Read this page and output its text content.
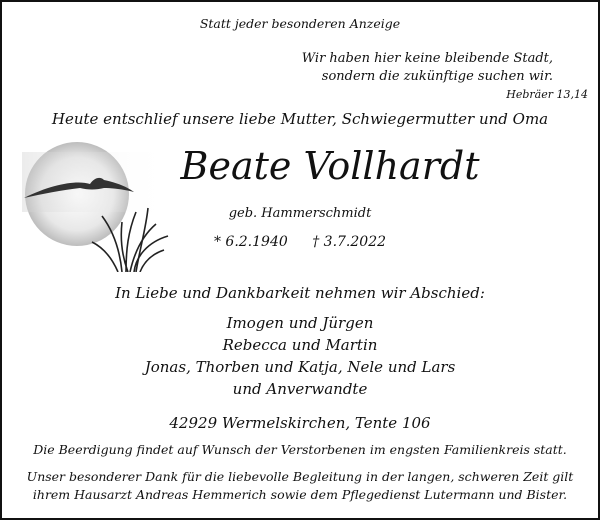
Statt jeder besonderen Anzeige
Wir haben hier keine bleibende Stadt,
sondern die zukünftige suchen wir.
Hebräer 13,14
Heute entschlief unsere liebe Mutter, Schwiegermutter und Oma
Beate Vollhardt
geb. Hammerschmidt
* 6.2.1940 † 3.7.2022
In Liebe und Dankbarkeit nehmen wir Abschied:
Imogen und Jürgen
Rebecca und Martin
Jonas, Thorben und Katja, Nele und Lars
und Anverwandte
42929 Wermelskirchen, Tente 106
Die Beerdigung findet auf Wunsch der Verstorbenen im engsten Familienkreis statt.
Unser besonderer Dank für die liebevolle Begleitung in der langen, schweren Zeit gilt
ihrem Hausarzt Andreas Hemmerich sowie dem Pflegedienst Lutermann und Bister.
